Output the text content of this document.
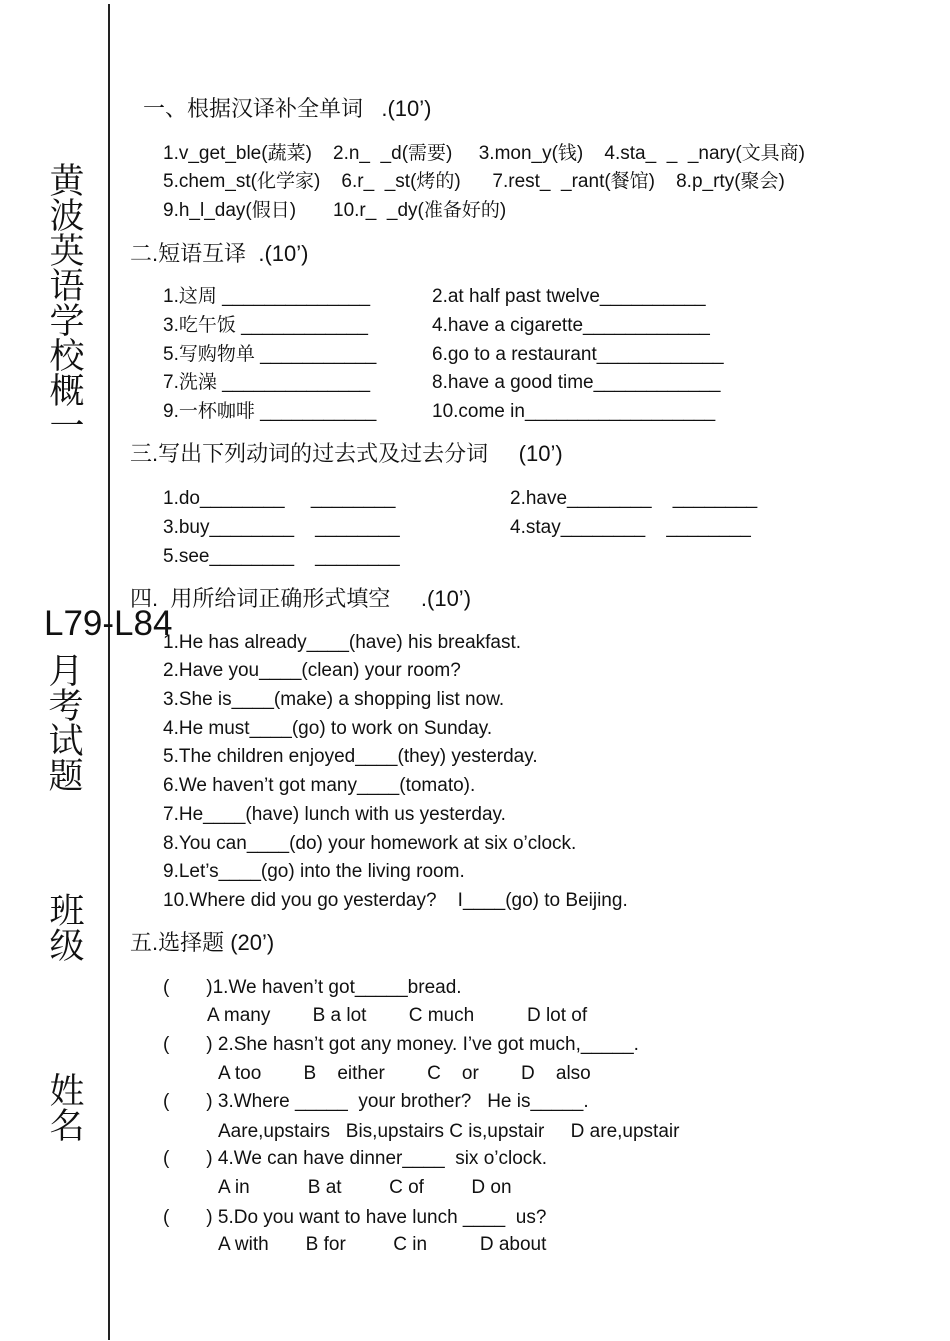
黄波英语学校概一
L79-L84
月考试题
班级
姓名
一、根据汉译补全单词   .(10’)
1.v_get_ble(蔬菜)    2.n_  _d(需要)     3.mon_y(钱)    4.sta_  _  _nary(文具商)
5.chem_st(化学家)    6.r_  _st(烤的)      7.rest_  _rant(餐馆)    8.p_rty(聚会)
9.h_l_day(假日)       10.r_  _dy(准备好的)
二.短语互译  .(10’)
1.这周 ______________
3.吃午饭 ____________
5.写购物单 ___________
7.洗澡 ______________
9.一杯咖啡 ___________
2.at half past twelve__________
4.have a cigarette____________
6.go to a restaurant____________
8.have a good time____________
10.come in__________________
三.写出下列动词的过去式及过去分词     (10’)
1.do________     ________
3.buy________    ________
5.see________    ________
2.have________    ________
4.stay________    ________
四.  用所给词正确形式填空     .(10’)
1.He has already____(have) his breakfast.
2.Have you____(clean) your room?
3.She is____(make) a shopping list now.
4.He must____(go) to work on Sunday.
5.The children enjoyed____(they) yesterday.
6.We haven’t got many____(tomato).
7.He____(have) lunch with us yesterday.
8.You can____(do) your homework at six o’clock.
9.Let’s____(go) into the living room.
10.Where did you go yesterday?    I____(go) to Beijing.
五.选择题 (20’)
(       )1.We haven’t got_____bread.
A many        B a lot        C much          D lot of
(       ) 2.She hasn’t got any money. I’ve got much,_____.
A too        B    either        C    or        D    also
(       ) 3.Where _____  your brother?   He is_____.
Aare,upstairs   Bis,upstairs C is,upstair     D are,upstair
(       ) 4.We can have dinner____  six o’clock.
A in           B at         C of         D on
(       ) 5.Do you want to have lunch ____  us?
A with       B for         C in          D about
